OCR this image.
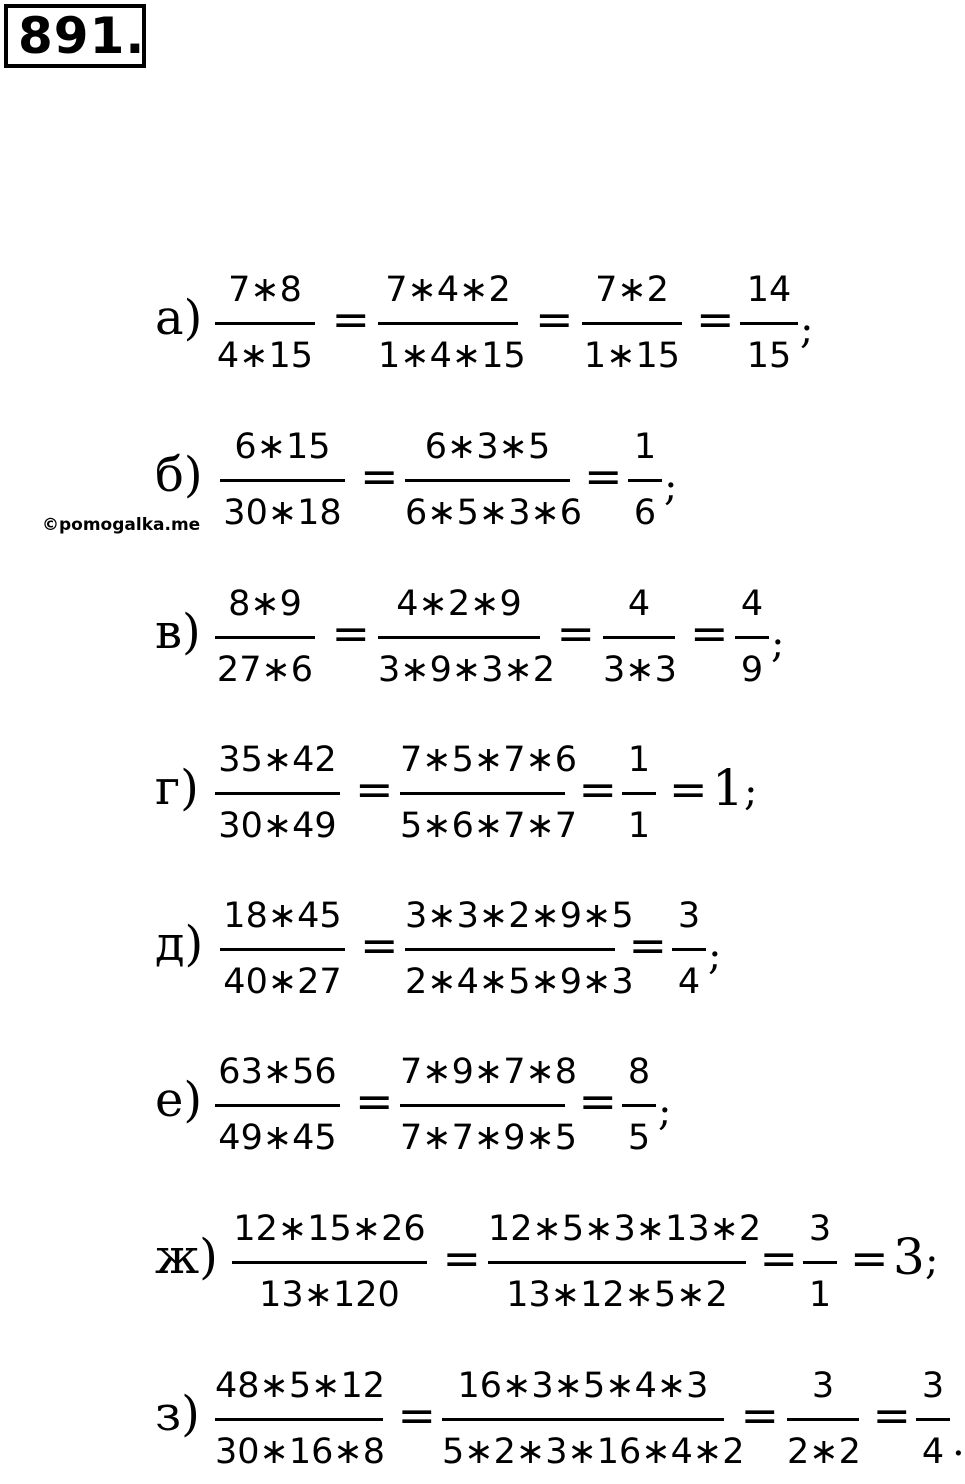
891.
©pomogalka.me
а) 7∗8
4∗15
=
7∗4∗2
1∗4∗15
=
7∗2
1∗15
=
14
15
;
б) 6∗15
30∗18
=
6∗3∗5
6∗5∗3∗6
=
1
6
;
в) 8∗9
27∗6
=
4∗2∗9
3∗9∗3∗2
=
4
3∗3
=
4
9
;
г) 35∗42
30∗49
=
7∗5∗7∗6
5∗6∗7∗7
=
1
1
= 1 ;
д) 18∗45
40∗27
=
3∗3∗2∗9∗5
2∗4∗5∗9∗3
=
3
4
;
е) 63∗56
49∗45
=
7∗9∗7∗8
7∗7∗9∗5
=
8
5
;
ж) 12∗15∗26
13∗120
=
12∗5∗3∗13∗2
13∗12∗5∗2
=
3
1
= 3 ;
з) 48∗5∗12
30∗16∗8
=
16∗3∗5∗4∗3
5∗2∗3∗16∗4∗2
=
3
2∗2
=
3
4 .
